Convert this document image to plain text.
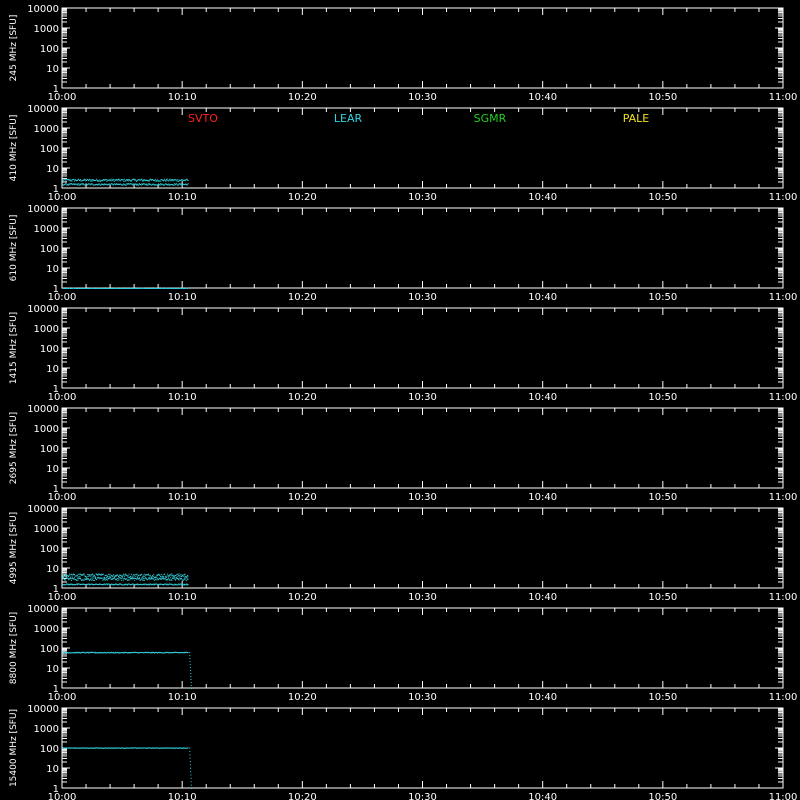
1
10
100
1000
10000
10:00	10:10	10:20	10:30	10:40	10:50	11:00
245 MHz [SFU]
1
10
100
1000
10000
10:00	10:10	10:20	10:30	10:40	10:50	11:00
410 MHz [SFU]	SVTO	LEAR	SGMR	PALE
1
10
100
1000
10000
10:00	10:10	10:20	10:30	10:40	10:50	11:00
610 MHz [SFU]
1
10
100
1000
10000
10:00	10:10	10:20	10:30	10:40	10:50	11:00
1415 MHz [SFU]
1
10
100
1000
10000
10:00	10:10	10:20	10:30	10:40	10:50	11:00
2695 MHz [SFU]
1
10
100
1000
10000
10:00	10:10	10:20	10:30	10:40	10:50	11:00
4995 MHz [SFU]
1
10
100
1000
10000
10:00	10:10	10:20	10:30	10:40	10:50	11:00
8800 MHz [SFU]
1
10
100
1000
10000
10:00	10:10	10:20	10:30	10:40	10:50	11:00
15400 MHz [SFU]
